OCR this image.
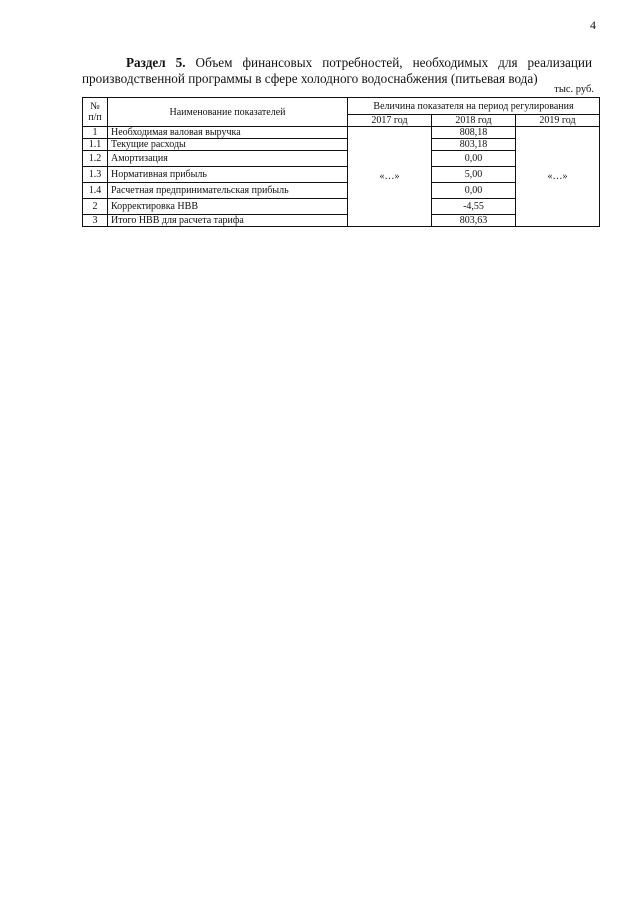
4

Раздел 5. Объем финансовых потребностей, необходимых для реализации производственной программы в сфере холодного водоснабжения (питьевая вода)

тыс. руб.
№ п/п	Наименование показателей	Величина показателя на период регулирования		
		2017 год	2018 год	2019 год
1	Необходимая валовая выручка	«…»	808,18	«…»
1.1	Текущие расходы		803,18	
1.2	Амортизация		0,00	
1.3	Нормативная прибыль		5,00	
1.4	Расчетная предпринимательская прибыль		0,00	
2	Корректировка НВВ		-4,55	
3	Итого НВВ для расчета тарифа		803,63	
